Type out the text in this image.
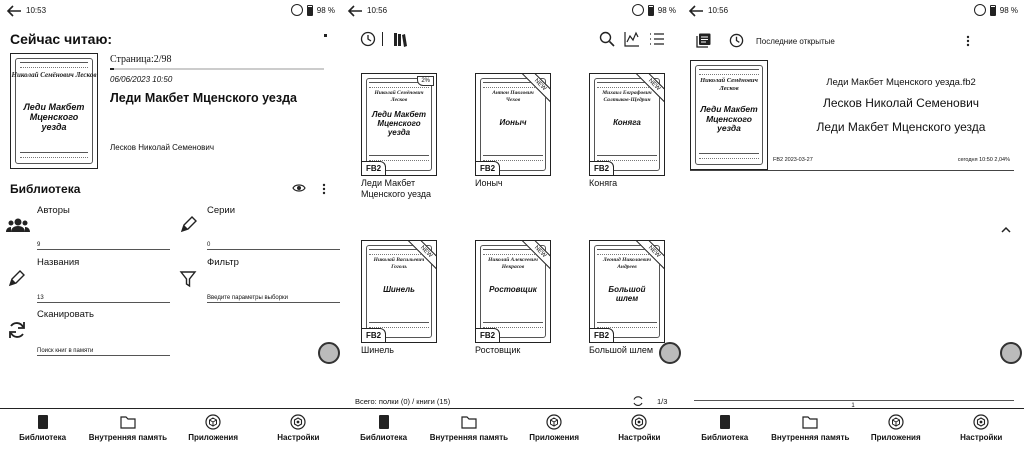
10:53	98 %
Сейчас читаю:
Николай Семёнович Лесков
Леди Макбет Мценского уезда
Страница:2/98
06/06/2023 10:50
Леди Макбет Мценского уезда
Лесков Николай Семенович
Библиотека
Авторы
9
Серии
0
Названия
13
Фильтр
Введите параметры выборки
Сканировать
Поиск книг в памяти
Библиотека	Внутренняя память	Приложения	Настройки
10:56	98 %
Николай Семёнович Лесков
Леди Макбет Мценского уезда
2%
FB2
Леди Макбет Мценского уезда
Антон Павлович Чехов
Ионыч
NEW
FB2
Ионыч
Михаил Евграфович Салтыков-Щедрин
Коняга
NEW
FB2
Коняга
Николай Васильевич Гоголь
Шинель
NEW
FB2
Шинель
Николай Алексеевич Некрасов
Ростовщик
NEW
FB2
Ростовщик
Леонид Николаевич Андреев
Большой шлем
NEW
FB2
Большой шлем
Всего: полки (0) / книги (15)	1/3
Библиотека	Внутренняя память	Приложения	Настройки
10:56	98 %
Последние открытые
Николай Семёнович Лесков
Леди Макбет Мценского уезда
Леди Макбет Мценского уезда.fb2
Лесков Николай Семенович
Леди Макбет Мценского уезда
FB2 2023-03-27	сегодня 10:50 2,04%
1
Библиотека	Внутренняя память	Приложения	Настройки
